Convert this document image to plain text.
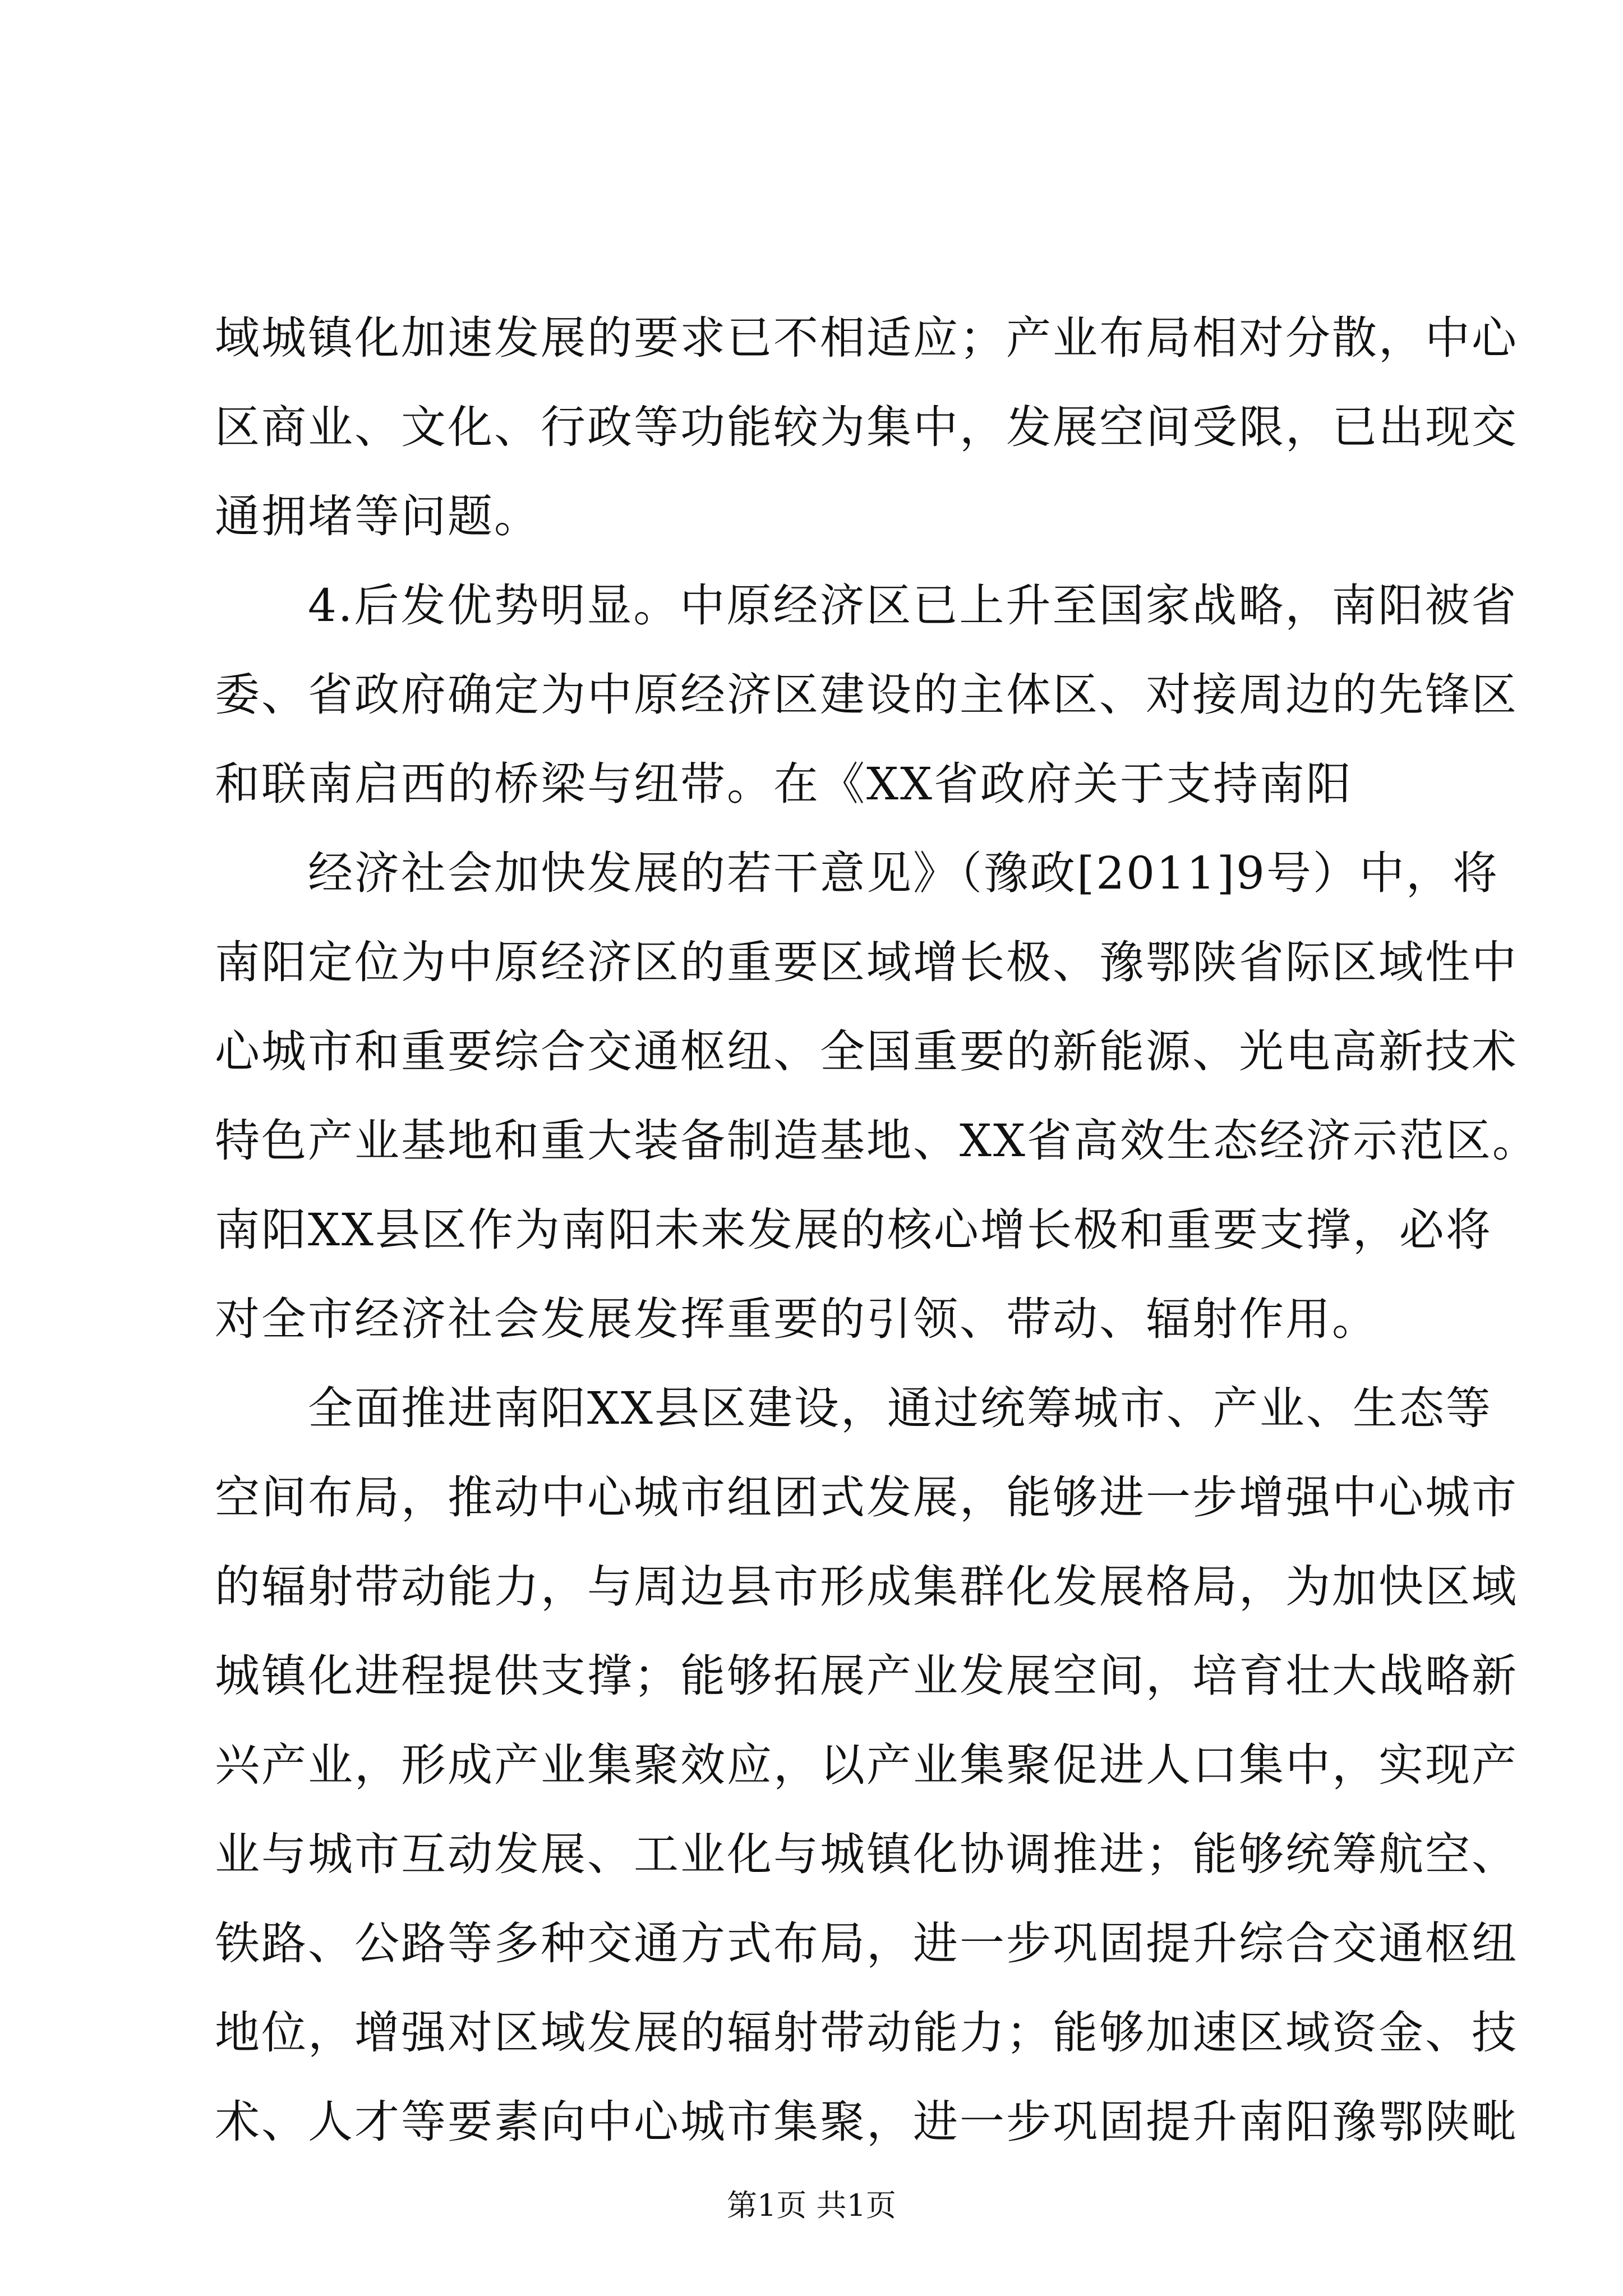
域城镇化加速发展的要求已不相适应；产业布局相对分散，中心
区商业、文化、行政等功能较为集中，发展空间受限，已出现交
通拥堵等问题。
　　4.后发优势明显。中原经济区已上升至国家战略，南阳被省
委、省政府确定为中原经济区建设的主体区、对接周边的先锋区
和联南启西的桥梁与纽带。在《XX省政府关于支持南阳
　　经济社会加快发展的若干意见》（豫政[2011]9号）中，将
南阳定位为中原经济区的重要区域增长极、豫鄂陕省际区域性中
心城市和重要综合交通枢纽、全国重要的新能源、光电高新技术
特色产业基地和重大装备制造基地、XX省高效生态经济示范区。
南阳XX县区作为南阳未来发展的核心增长极和重要支撑，必将
对全市经济社会发展发挥重要的引领、带动、辐射作用。
　　全面推进南阳XX县区建设，通过统筹城市、产业、生态等
空间布局，推动中心城市组团式发展，能够进一步增强中心城市
的辐射带动能力，与周边县市形成集群化发展格局，为加快区域
城镇化进程提供支撑；能够拓展产业发展空间，培育壮大战略新
兴产业，形成产业集聚效应，以产业集聚促进人口集中，实现产
业与城市互动发展、工业化与城镇化协调推进；能够统筹航空、
铁路、公路等多种交通方式布局，进一步巩固提升综合交通枢纽
地位，增强对区域发展的辐射带动能力；能够加速区域资金、技
术、人才等要素向中心城市集聚，进一步巩固提升南阳豫鄂陕毗
第1页 共1页
